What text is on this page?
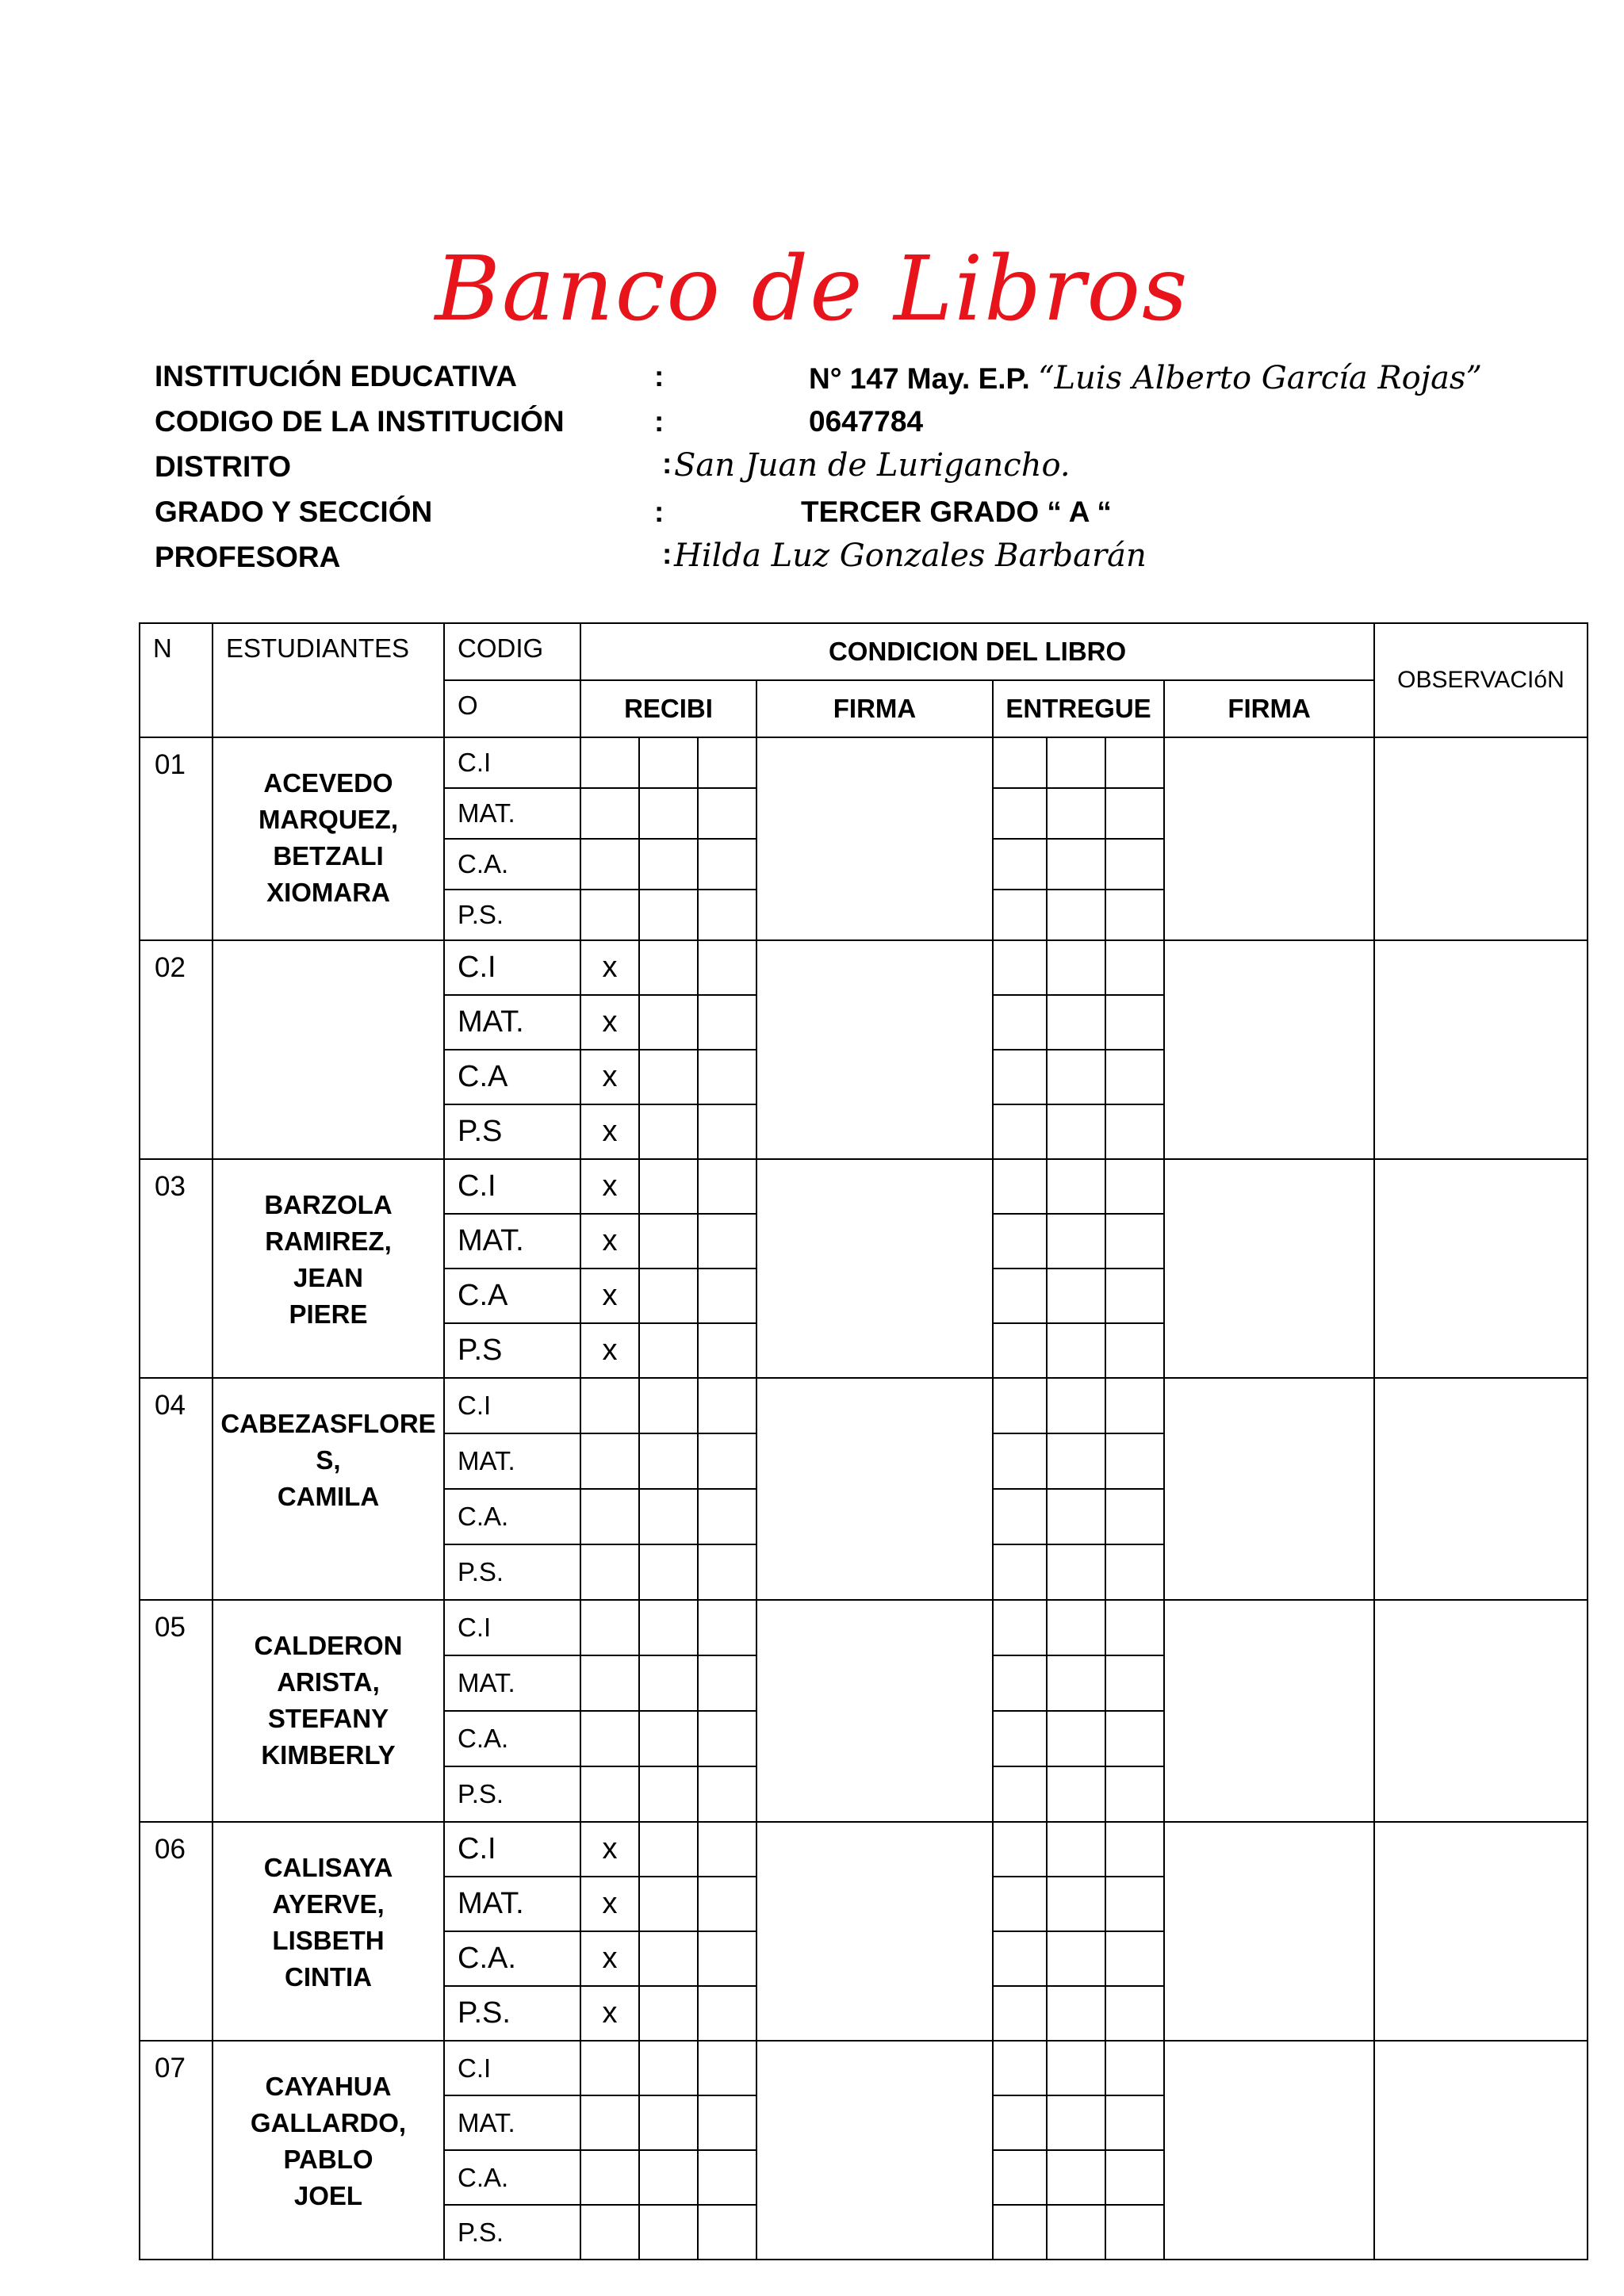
Banco de Libros
INSTITUCIÓN EDUCATIVA	:	N° 147 May. E.P. “Luis Alberto García Rojas”
CODIGO DE LA INSTITUCIÓN	:	0647784
DISTRITO	: San Juan de Lurigancho.
GRADO Y SECCIÓN	:	TERCER GRADO “ A “
PROFESORA	: Hilda Luz Gonzales Barbarán
N	ESTUDIANTES	CODIG	CONDICION DEL LIBRO								OBSERVACIóN
		O	RECIBI			FIRMA	ENTREGUE			FIRMA	
01	ACEVEDO
MARQUEZ,
BETZALI
XIOMARA	C.I									
		MAT.									
		C.A.									
		P.S.									
02		C.I	x								
		MAT.	x								
		C.A	x								
		P.S	x								
03	BARZOLA
RAMIREZ,
JEAN
PIERE	C.I	x								
		MAT.	x								
		C.A	x								
		P.S	x								
04	CABEZASFLORE
S,
CAMILA	C.I									
		MAT.									
		C.A.									
		P.S.									
05	CALDERON
ARISTA,
STEFANY
KIMBERLY	C.I									
		MAT.									
		C.A.									
		P.S.									
06	CALISAYA
AYERVE,
LISBETH
CINTIA	C.I	x								
		MAT.	x								
		C.A.	x								
		P.S.	x								
07	CAYAHUA
GALLARDO,
PABLO
JOEL	C.I									
		MAT.									
		C.A.									
		P.S.									
